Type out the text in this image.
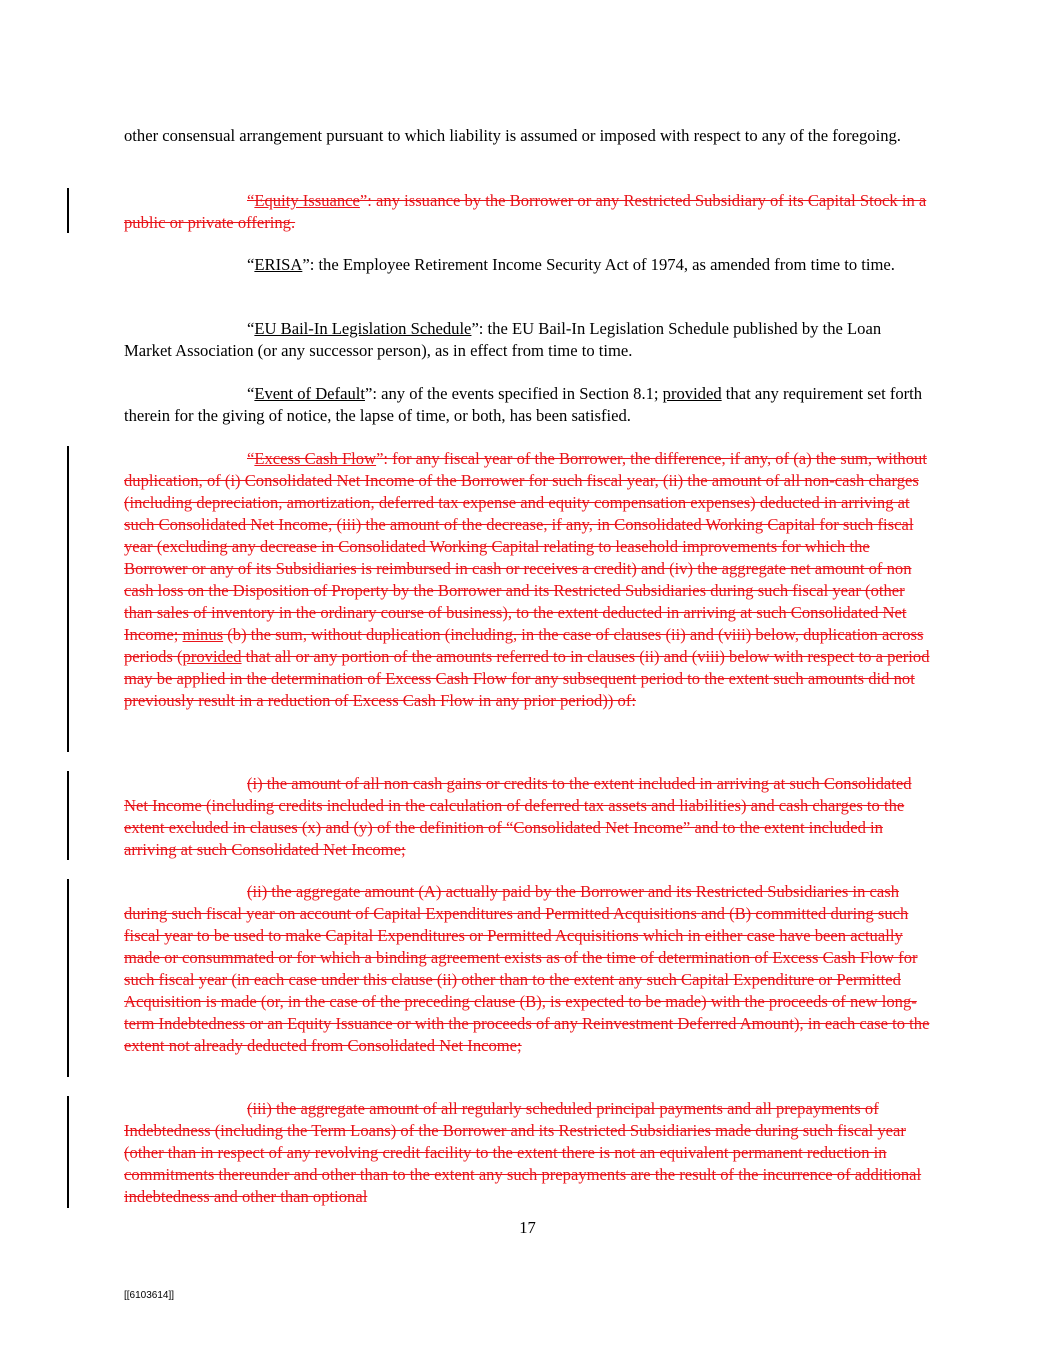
other consensual arrangement pursuant to which liability is assumed or imposed with respect to any of the foregoing.

“Equity Issuance”: any issuance by the Borrower or any Restricted Subsidiary of its Capital Stock in a public or private offering.

“ERISA”: the Employee Retirement Income Security Act of 1974, as amended from time to time.

“EU Bail-In Legislation Schedule”: the EU Bail-In Legislation Schedule published by the Loan Market Association (or any successor person), as in effect from time to time.

“Event of Default”: any of the events specified in Section 8.1; provided that any requirement set forth therein for the giving of notice, the lapse of time, or both, has been satisfied.

“Excess Cash Flow”: for any fiscal year of the Borrower, the difference, if any, of (a) the sum, without duplication, of (i) Consolidated Net Income of the Borrower for such fiscal year, (ii) the amount of all non-cash charges (including depreciation, amortization, deferred tax expense and equity compensation expenses) deducted in arriving at such Consolidated Net Income, (iii) the amount of the decrease, if any, in Consolidated Working Capital for such fiscal year (excluding any decrease in Consolidated Working Capital relating to leasehold improvements for which the Borrower or any of its Subsidiaries is reimbursed in cash or receives a credit) and (iv) the aggregate net amount of non cash loss on the Disposition of Property by the Borrower and its Restricted Subsidiaries during such fiscal year (other than sales of inventory in the ordinary course of business), to the extent deducted in arriving at such Consolidated Net Income; minus (b) the sum, without duplication (including, in the case of clauses (ii) and (viii) below, duplication across periods (provided that all or any portion of the amounts referred to in clauses (ii) and (viii) below with respect to a period may be applied in the determination of Excess Cash Flow for any subsequent period to the extent such amounts did not previously result in a reduction of Excess Cash Flow in any prior period)) of:

(i) the amount of all non cash gains or credits to the extent included in arriving at such Consolidated Net Income (including credits included in the calculation of deferred tax assets and liabilities) and cash charges to the extent excluded in clauses (x) and (y) of the definition of “Consolidated Net Income” and to the extent included in arriving at such Consolidated Net Income;

(ii) the aggregate amount (A) actually paid by the Borrower and its Restricted Subsidiaries in cash during such fiscal year on account of Capital Expenditures and Permitted Acquisitions and (B) committed during such fiscal year to be used to make Capital Expenditures or Permitted Acquisitions which in either case have been actually made or consummated or for which a binding agreement exists as of the time of determination of Excess Cash Flow for such fiscal year (in each case under this clause (ii) other than to the extent any such Capital Expenditure or Permitted Acquisition is made (or, in the case of the preceding clause (B), is expected to be made) with the proceeds of new long-term Indebtedness or an Equity Issuance or with the proceeds of any Reinvestment Deferred Amount), in each case to the extent not already deducted from Consolidated Net Income;

(iii) the aggregate amount of all regularly scheduled principal payments and all prepayments of Indebtedness (including the Term Loans) of the Borrower and its Restricted Subsidiaries made during such fiscal year (other than in respect of any revolving credit facility to the extent there is not an equivalent permanent reduction in commitments thereunder and other than to the extent any such prepayments are the result of the incurrence of additional indebtedness and other than optional

17
[[6103614]]
